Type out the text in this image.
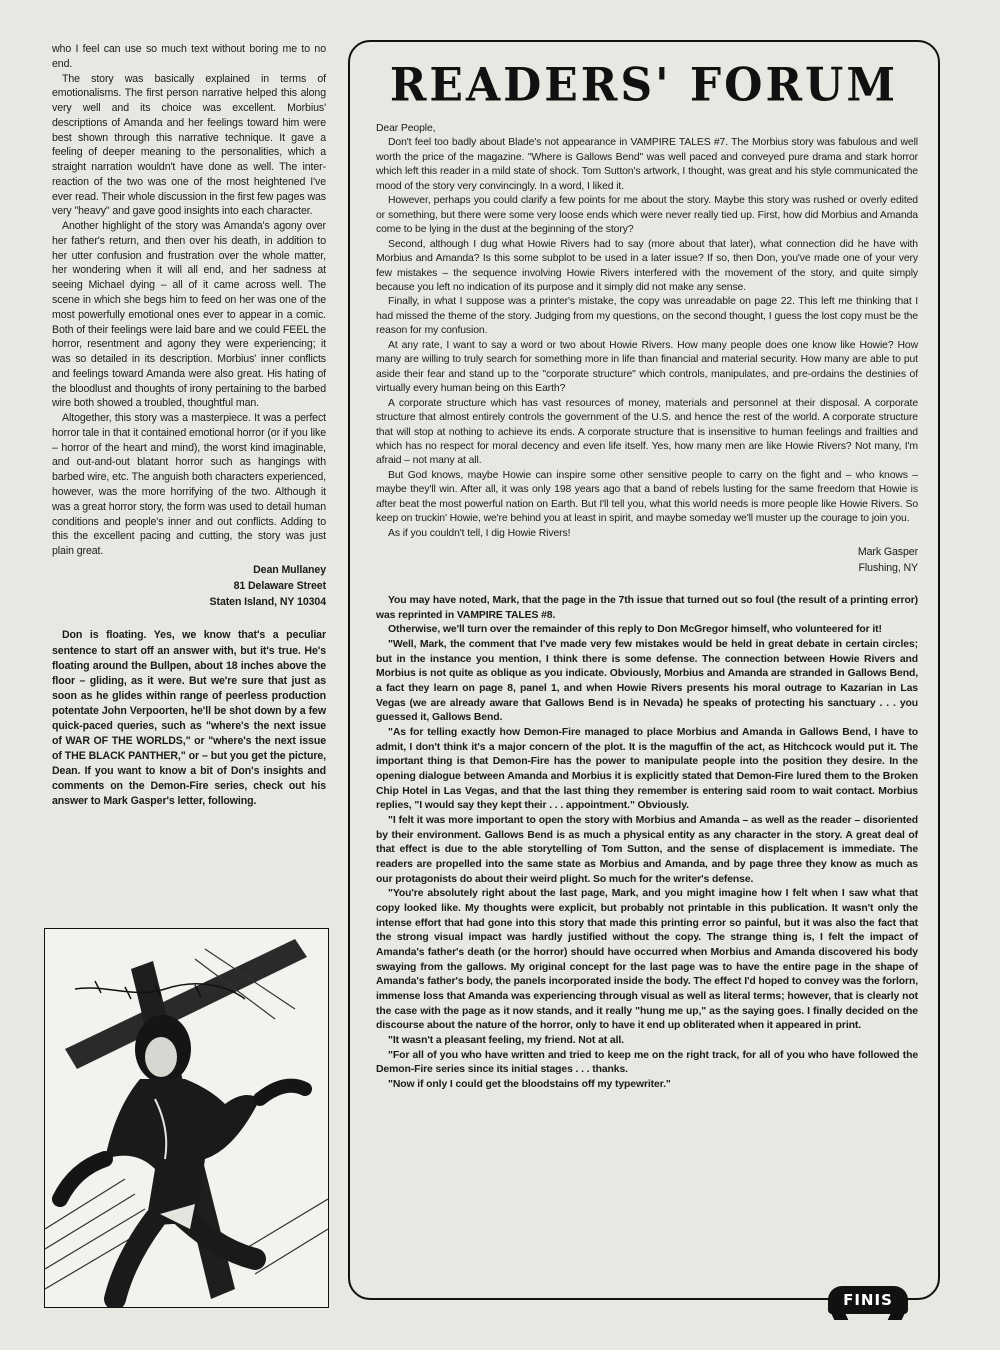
who I feel can use so much text without boring me to no end.

The story was basically explained in terms of emotionalisms. The first person narrative helped this along very well and its choice was excellent. Morbius' descriptions of Amanda and her feelings toward him were best shown through this narrative technique. It gave a feeling of deeper meaning to the personalities, which a straight narration wouldn't have done as well. The inter-reaction of the two was one of the most heightened I've ever read. Their whole discussion in the first few pages was very "heavy" and gave good insights into each character.

Another highlight of the story was Amanda's agony over her father's return, and then over his death, in addition to her utter confusion and frustration over the whole matter, her wondering when it will all end, and her sadness at seeing Michael dying – all of it came across well. The scene in which she begs him to feed on her was one of the most powerfully emotional ones ever to appear in a comic. Both of their feelings were laid bare and we could FEEL the horror, resentment and agony they were experiencing; it was so detailed in its description. Morbius' inner conflicts and feelings toward Amanda were also great. His hating of the bloodlust and thoughts of irony pertaining to the barbed wire both showed a troubled, thoughtful man.

Altogether, this story was a masterpiece. It was a perfect horror tale in that it contained emotional horror (or if you like – horror of the heart and mind), the worst kind imaginable, and out-and-out blatant horror such as hangings with barbed wire, etc. The anguish both characters experienced, however, was the more horrifying of the two. Although it was a great horror story, the form was used to detail human conditions and people's inner and out conflicts. Adding to this the excellent pacing and cutting, the story was just plain great.

Dean Mullaney
81 Delaware Street
Staten Island, NY 10304

Don is floating. Yes, we know that's a peculiar sentence to start off an answer with, but it's true. He's floating around the Bullpen, about 18 inches above the floor – gliding, as it were. But we're sure that just as soon as he glides within range of peerless production potentate John Verpoorten, he'll be shot down by a few quick-paced queries, such as "where's the next issue of WAR OF THE WORLDS," or "where's the next issue of THE BLACK PANTHER," or – but you get the picture, Dean. If you want to know a bit of Don's insights and comments on the Demon-Fire series, check out his answer to Mark Gasper's letter, following.

READERS' FORUM

Dear People,

Don't feel too badly about Blade's not appearance in VAMPIRE TALES #7. The Morbius story was fabulous and well worth the price of the magazine. "Where is Gallows Bend" was well paced and conveyed pure drama and stark horror which left this reader in a mild state of shock. Tom Sutton's artwork, I thought, was great and his style communicated the mood of the story very convincingly. In a word, I liked it.

However, perhaps you could clarify a few points for me about the story. Maybe this story was rushed or overly edited or something, but there were some very loose ends which were never really tied up. First, how did Morbius and Amanda come to be lying in the dust at the beginning of the story?

Second, although I dug what Howie Rivers had to say (more about that later), what connection did he have with Morbius and Amanda? Is this some subplot to be used in a later issue? If so, then Don, you've made one of your very few mistakes – the sequence involving Howie Rivers interfered with the movement of the story, and quite simply because you left no indication of its purpose and it simply did not make any sense.

Finally, in what I suppose was a printer's mistake, the copy was unreadable on page 22. This left me thinking that I had missed the theme of the story. Judging from my questions, on the second thought, I guess the lost copy must be the reason for my confusion.

At any rate, I want to say a word or two about Howie Rivers. How many people does one know like Howie? How many are willing to truly search for something more in life than financial and material security. How many are able to put aside their fear and stand up to the "corporate structure" which controls, manipulates, and pre-ordains the destinies of virtually every human being on this Earth?

A corporate structure which has vast resources of money, materials and personnel at their disposal. A corporate structure that almost entirely controls the government of the U.S. and hence the rest of the world. A corporate structure that will stop at nothing to achieve its ends. A corporate structure that is insensitive to human feelings and frailties and which has no respect for moral decency and even life itself. Yes, how many men are like Howie Rivers? Not many, I'm afraid – not many at all.

But God knows, maybe Howie can inspire some other sensitive people to carry on the fight and – who knows – maybe they'll win. After all, it was only 198 years ago that a band of rebels lusting for the same freedom that Howie is after beat the most powerful nation on Earth. But I'll tell you, what this world needs is more people like Howie Rivers. So keep on truckin' Howie, we're behind you at least in spirit, and maybe someday we'll muster up the courage to join you.

As if you couldn't tell, I dig Howie Rivers!

Mark Gasper
Flushing, NY

You may have noted, Mark, that the page in the 7th issue that turned out so foul (the result of a printing error) was reprinted in VAMPIRE TALES #8.

Otherwise, we'll turn over the remainder of this reply to Don McGregor himself, who volunteered for it!

"Well, Mark, the comment that I've made very few mistakes would be held in great debate in certain circles; but in the instance you mention, I think there is some defense. The connection between Howie Rivers and Morbius is not quite as oblique as you indicate. Obviously, Morbius and Amanda are stranded in Gallows Bend, a fact they learn on page 8, panel 1, and when Howie Rivers presents his moral outrage to Kazarian in Las Vegas (we are already aware that Gallows Bend is in Nevada) he speaks of protecting his sanctuary . . . you guessed it, Gallows Bend.

"As for telling exactly how Demon-Fire managed to place Morbius and Amanda in Gallows Bend, I have to admit, I don't think it's a major concern of the plot. It is the maguffin of the act, as Hitchcock would put it. The important thing is that Demon-Fire has the power to manipulate people into the position they desire. In the opening dialogue between Amanda and Morbius it is explicitly stated that Demon-Fire lured them to the Broken Chip Hotel in Las Vegas, and that the last thing they remember is entering said room to wait contact. Morbius replies, "I would say they kept their . . . appointment." Obviously.

"I felt it was more important to open the story with Morbius and Amanda – as well as the reader – disoriented by their environment. Gallows Bend is as much a physical entity as any character in the story. A great deal of that effect is due to the able storytelling of Tom Sutton, and the sense of displacement is immediate. The readers are propelled into the same state as Morbius and Amanda, and by page three they know as much as our protagonists do about their weird plight. So much for the writer's defense.

"You're absolutely right about the last page, Mark, and you might imagine how I felt when I saw what that copy looked like. My thoughts were explicit, but probably not printable in this publication. It wasn't only the intense effort that had gone into this story that made this printing error so painful, but it was also the fact that the strong visual impact was hardly justified without the copy. The strange thing is, I felt the impact of Amanda's father's death (or the horror) should have occurred when Morbius and Amanda discovered his body swaying from the gallows. My original concept for the last page was to have the entire page in the shape of Amanda's father's body, the panels incorporated inside the body. The effect I'd hoped to convey was the forlorn, immense loss that Amanda was experiencing through visual as well as literal terms; however, that is clearly not the case with the page as it now stands, and it really "hung me up," as the saying goes. I finally decided on the discourse about the nature of the horror, only to have it end up obliterated when it appeared in print.

"It wasn't a pleasant feeling, my friend. Not at all.

"For all of you who have written and tried to keep me on the right track, for all of you who have followed the Demon-Fire series since its initial stages . . . thanks.

"Now if only I could get the bloodstains off my typewriter."

FINIS
